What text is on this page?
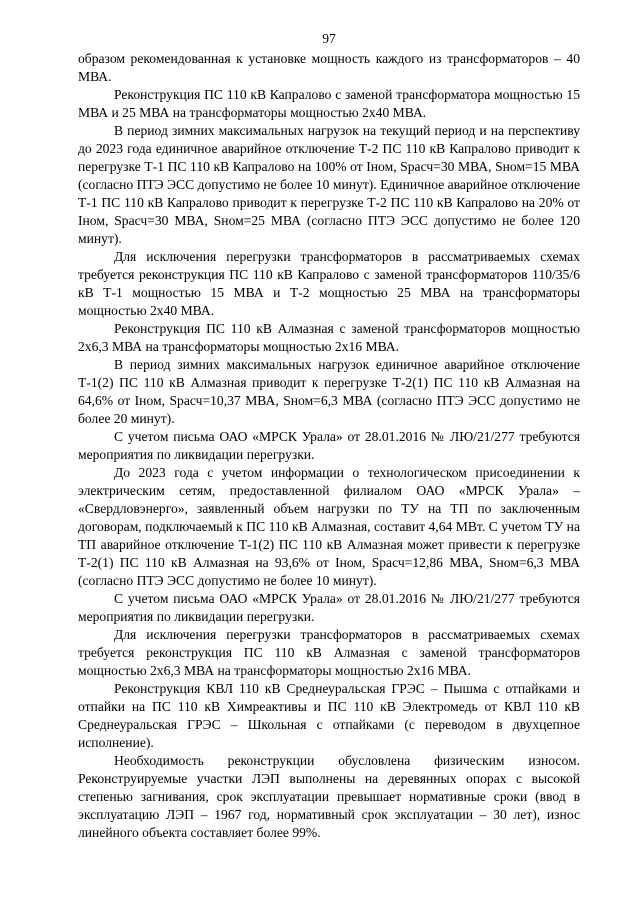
97

образом рекомендованная к установке мощность каждого из трансформаторов – 40 МВА.

Реконструкция ПС 110 кВ Капралово с заменой трансформатора мощностью 15 МВА и 25 МВА на трансформаторы мощностью 2х40 МВА.

В период зимних максимальных нагрузок на текущий период и на перспективу до 2023 года единичное аварийное отключение Т-2 ПС 110 кВ Капралово приводит к перегрузке Т-1 ПС 110 кВ Капралово на 100% от Iном, Sрасч=30 МВА, Sном=15 МВА (согласно ПТЭ ЭСС допустимо не более 10 минут). Единичное аварийное отключение Т-1 ПС 110 кВ Капралово приводит к перегрузке Т-2 ПС 110 кВ Капралово на 20% от Iном, Sрасч=30 МВА, Sном=25 МВА (согласно ПТЭ ЭСС допустимо не более 120 минут).

Для исключения перегрузки трансформаторов в рассматриваемых схемах требуется реконструкция ПС 110 кВ Капралово с заменой трансформаторов 110/35/6 кВ Т-1 мощностью 15 МВА и Т-2 мощностью 25 МВА на трансформаторы мощностью 2х40 МВА.

Реконструкция ПС 110 кВ Алмазная с заменой трансформаторов мощностью 2х6,3 МВА на трансформаторы мощностью 2х16 МВА.

В период зимних максимальных нагрузок единичное аварийное отключение Т-1(2) ПС 110 кВ Алмазная приводит к перегрузке Т-2(1) ПС 110 кВ Алмазная на 64,6% от Iном, Sрасч=10,37 МВА, Sном=6,3 МВА (согласно ПТЭ ЭСС допустимо не более 20 минут).

С учетом письма ОАО «МРСК Урала» от 28.01.2016 № ЛЮ/21/277 требуются мероприятия по ликвидации перегрузки.

До 2023 года с учетом информации о технологическом присоединении к электрическим сетям, предоставленной филиалом ОАО «МРСК Урала» – «Свердловэнерго», заявленный объем нагрузки по ТУ на ТП по заключенным договорам, подключаемый к ПС 110 кВ Алмазная, составит 4,64 МВт. С учетом ТУ на ТП аварийное отключение Т-1(2) ПС 110 кВ Алмазная может привести к перегрузке Т-2(1) ПС 110 кВ Алмазная на 93,6% от Iном, Sрасч=12,86 МВА, Sном=6,3 МВА (согласно ПТЭ ЭСС допустимо не более 10 минут).

С учетом письма ОАО «МРСК Урала» от 28.01.2016 № ЛЮ/21/277 требуются мероприятия по ликвидации перегрузки.

Для исключения перегрузки трансформаторов в рассматриваемых схемах требуется реконструкция ПС 110 кВ Алмазная с заменой трансформаторов мощностью 2х6,3 МВА на трансформаторы мощностью 2х16 МВА.

Реконструкция КВЛ 110 кВ Среднеуральская ГРЭС – Пышма с отпайками и отпайки на ПС 110 кВ Химреактивы и ПС 110 кВ Электромедь от КВЛ 110 кВ Среднеуральская ГРЭС – Школьная с отпайками (с переводом в двухцепное исполнение).

Необходимость реконструкции обусловлена физическим износом. Реконструируемые участки ЛЭП выполнены на деревянных опорах с высокой степенью загнивания, срок эксплуатации превышает нормативные сроки (ввод в эксплуатацию ЛЭП – 1967 год, нормативный срок эксплуатации – 30 лет), износ линейного объекта составляет более 99%.
